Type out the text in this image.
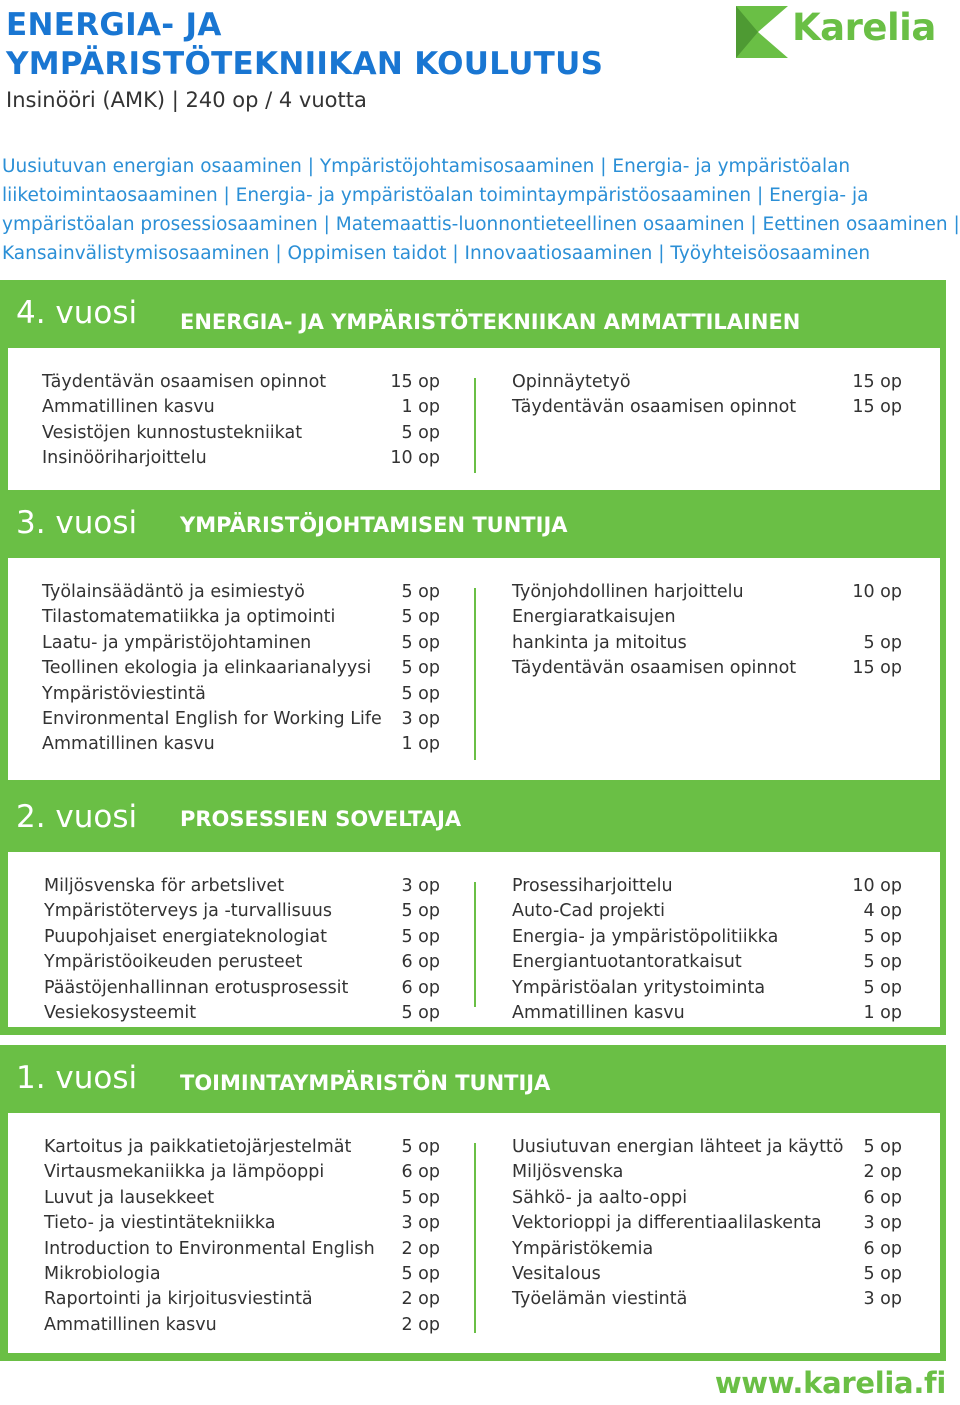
ENERGIA- JA
YMPÄRISTÖTEKNIIKAN KOULUTUS
Insinööri (AMK) | 240 op / 4 vuotta
Karelia
Uusiutuvan energian osaaminen | Ympäristöjohtamisosaaminen | Energia- ja ympäristöalan liiketoimintaosaaminen | Energia- ja ympäristöalan toimintaympäristöosaaminen | Energia- ja ympäristöalan prosessiosaaminen | Matemaattis-luonnontieteellinen osaaminen | Eettinen osaaminen | Kansainvälistymisosaaminen | Oppimisen taidot | Innovaatiosaaminen | Työyhteisöosaaminen
4. vuosi ENERGIA- JA YMPÄRISTÖTEKNIIKAN AMMATTILAINEN
Täydentävän osaamisen opinnot	15 op
Ammatillinen kasvu	1 op
Vesistöjen kunnostustekniikat	5 op
Insinööriharjoittelu	10 op
Opinnäytetyö	15 op
Täydentävän osaamisen opinnot	15 op
3. vuosi YMPÄRISTÖJOHTAMISEN TUNTIJA
Työlainsäädäntö ja esimiestyö	5 op
Tilastomatematiikka ja optimointi	5 op
Laatu- ja ympäristöjohtaminen	5 op
Teollinen ekologia ja elinkaarianalyysi 5 op
Ympäristöviestintä	5 op
Environmental English for Working Life 3 op
Ammatillinen kasvu	1 op
Työnjohdollinen harjoittelu	10 op
Energiaratkaisujen
hankinta ja mitoitus	5 op
Täydentävän osaamisen opinnot	15 op
2. vuosi PROSESSIEN SOVELTAJA
Miljösvenska för arbetslivet	3 op
Ympäristöterveys ja -turvallisuus	5 op
Puupohjaiset energiateknologiat	5 op
Ympäristöoikeuden perusteet	6 op
Päästöjenhallinnan erotusprosessit	6 op
Vesiekosysteemit	5 op
Prosessiharjoittelu	10 op
Auto-Cad projekti	4 op
Energia- ja ympäristöpolitiikka	5 op
Energiantuotantoratkaisut	5 op
Ympäristöalan yritystoiminta	5 op
Ammatillinen kasvu	1 op
1. vuosi TOIMINTAYMPÄRISTÖN TUNTIJA
Kartoitus ja paikkatietojärjestelmät	5 op
Virtausmekaniikka ja lämpöoppi	6 op
Luvut ja lausekkeet	5 op
Tieto- ja viestintätekniikka	3 op
Introduction to Environmental English 2 op
Mikrobiologia	5 op
Raportointi ja kirjoitusviestintä	2 op
Ammatillinen kasvu	2 op
Uusiutuvan energian lähteet ja käyttö 5 op
Miljösvenska	2 op
Sähkö- ja aalto-oppi	6 op
Vektorioppi ja differentiaalilaskenta 3 op
Ympäristökemia	6 op
Vesitalous	5 op
Työelämän viestintä	3 op
www.karelia.fi
